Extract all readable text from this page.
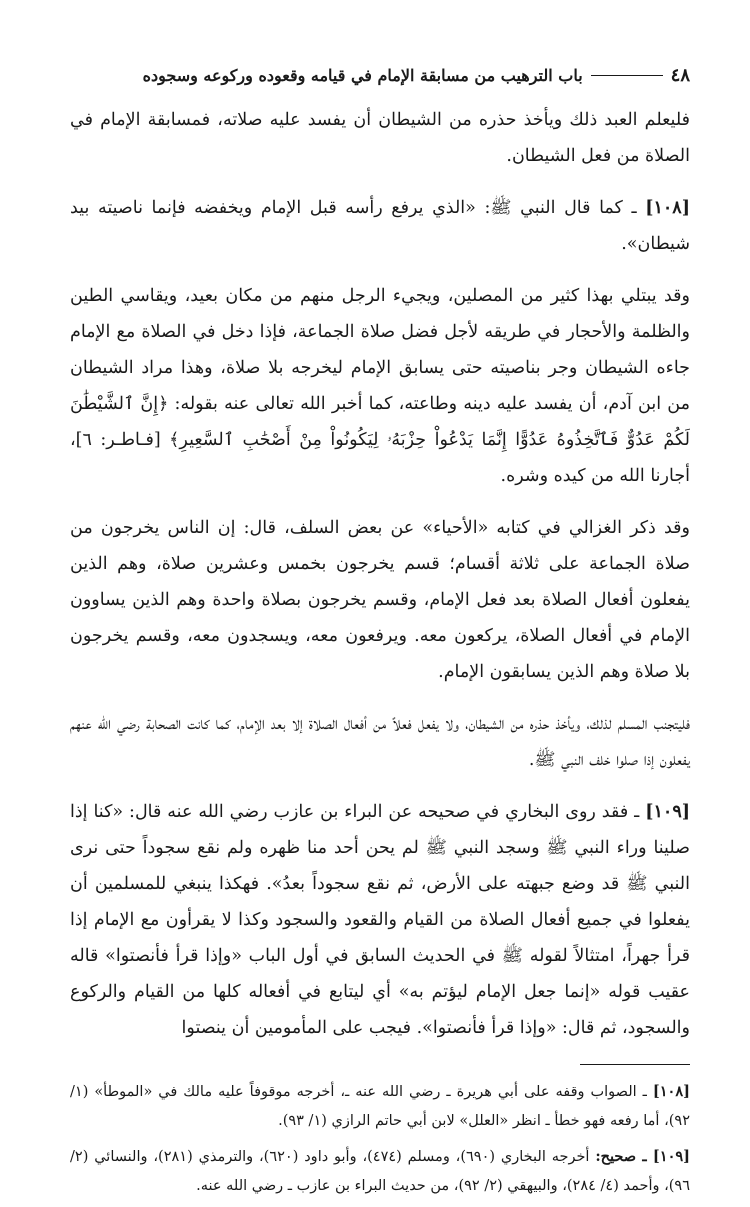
٤٨
باب الترهيب من مسابقة الإمام في قيامه وقعوده وركوعه وسجوده

فليعلم العبد ذلك ويأخذ حذره من الشيطان أن يفسد عليه صلاته، فمسابقة الإمام في الصلاة من فعل الشيطان.

[١٠٨] ـ كما قال النبي ﷺ: «الذي يرفع رأسه قبل الإمام ويخفضه فإنما ناصيته بيد شيطان».

وقد يبتلي بهذا كثير من المصلين، ويجيء الرجل منهم من مكان بعيد، ويقاسي الطين والظلمة والأحجار في طريقه لأجل فضل صلاة الجماعة، فإذا دخل في الصلاة مع الإمام جاءه الشيطان وجر بناصيته حتى يسابق الإمام ليخرجه بلا صلاة، وهذا مراد الشيطان من ابن آدم، أن يفسد عليه دينه وطاعته، كما أخبر الله تعالى عنه بقوله: ﴿إِنَّ ٱلشَّيْطَٰنَ لَكُمْ عَدُوٌّ فَٱتَّخِذُوهُ عَدُوًّا إِنَّمَا يَدْعُواْ حِزْبَهُۥ لِيَكُونُواْ مِنْ أَصْحَٰبِ ٱلسَّعِيرِ﴾ [فـاطـر: ٦]، أجارنا الله من كيده وشره.

وقد ذكر الغزالي في كتابه «الأحياء» عن بعض السلف، قال: إن الناس يخرجون من صلاة الجماعة على ثلاثة أقسام؛ قسم يخرجون بخمس وعشرين صلاة، وهم الذين يفعلون أفعال الصلاة بعد فعل الإمام، وقسم يخرجون بصلاة واحدة وهم الذين يساوون الإمام في أفعال الصلاة، يركعون معه. ويرفعون معه، ويسجدون معه، وقسم يخرجون بلا صلاة وهم الذين يسابقون الإمام.

فليتجنب المسلم لذلك، ويأخذ حذره من الشيطان، ولا يفعل فعلاً من أفعال الصلاة إلا بعد الإمام، كما كانت الصحابة رضي الله عنهم يفعلون إذا صلوا خلف النبي ﷺ.

[١٠٩] ـ فقد روى البخاري في صحيحه عن البراء بن عازب رضي الله عنه قال: «كنا إذا صلينا وراء النبي ﷺ وسجد النبي ﷺ لم يحن أحد منا ظهره ولم نقع سجوداً حتى نرى النبي ﷺ قد وضع جبهته على الأرض، ثم نقع سجوداً بعدُ». فهكذا ينبغي للمسلمين أن يفعلوا في جميع أفعال الصلاة من القيام والقعود والسجود وكذا لا يقرأون مع الإمام إذا قرأ جهراً، امتثالاً لقوله ﷺ في الحديث السابق في أول الباب «وإذا قرأ فأنصتوا» قاله عقيب قوله «إنما جعل الإمام ليؤتم به» أي ليتابع في أفعاله كلها من القيام والركوع والسجود، ثم قال: «وإذا قرأ فأنصتوا». فيجب على المأمومين أن ينصتوا

[١٠٨] ـ الصواب وقفه على أبي هريرة ـ رضي الله عنه ـ، أخرجه موقوفاً عليه مالك في «الموطأ» (١/ ٩٢)، أما رفعه فهو خطأ ـ انظر «العلل» لابن أبي حاتم الرازي (١/ ٩٣).
[١٠٩] ـ صحيح: أخرجه البخاري (٦٩٠)، ومسلم (٤٧٤)، وأبو داود (٦٢٠)، والترمذي (٢٨١)، والنسائي (٢/ ٩٦)، وأحمد (٤/ ٢٨٤)، والبيهقي (٢/ ٩٢)، من حديث البراء بن عازب ـ رضي الله عنه.
